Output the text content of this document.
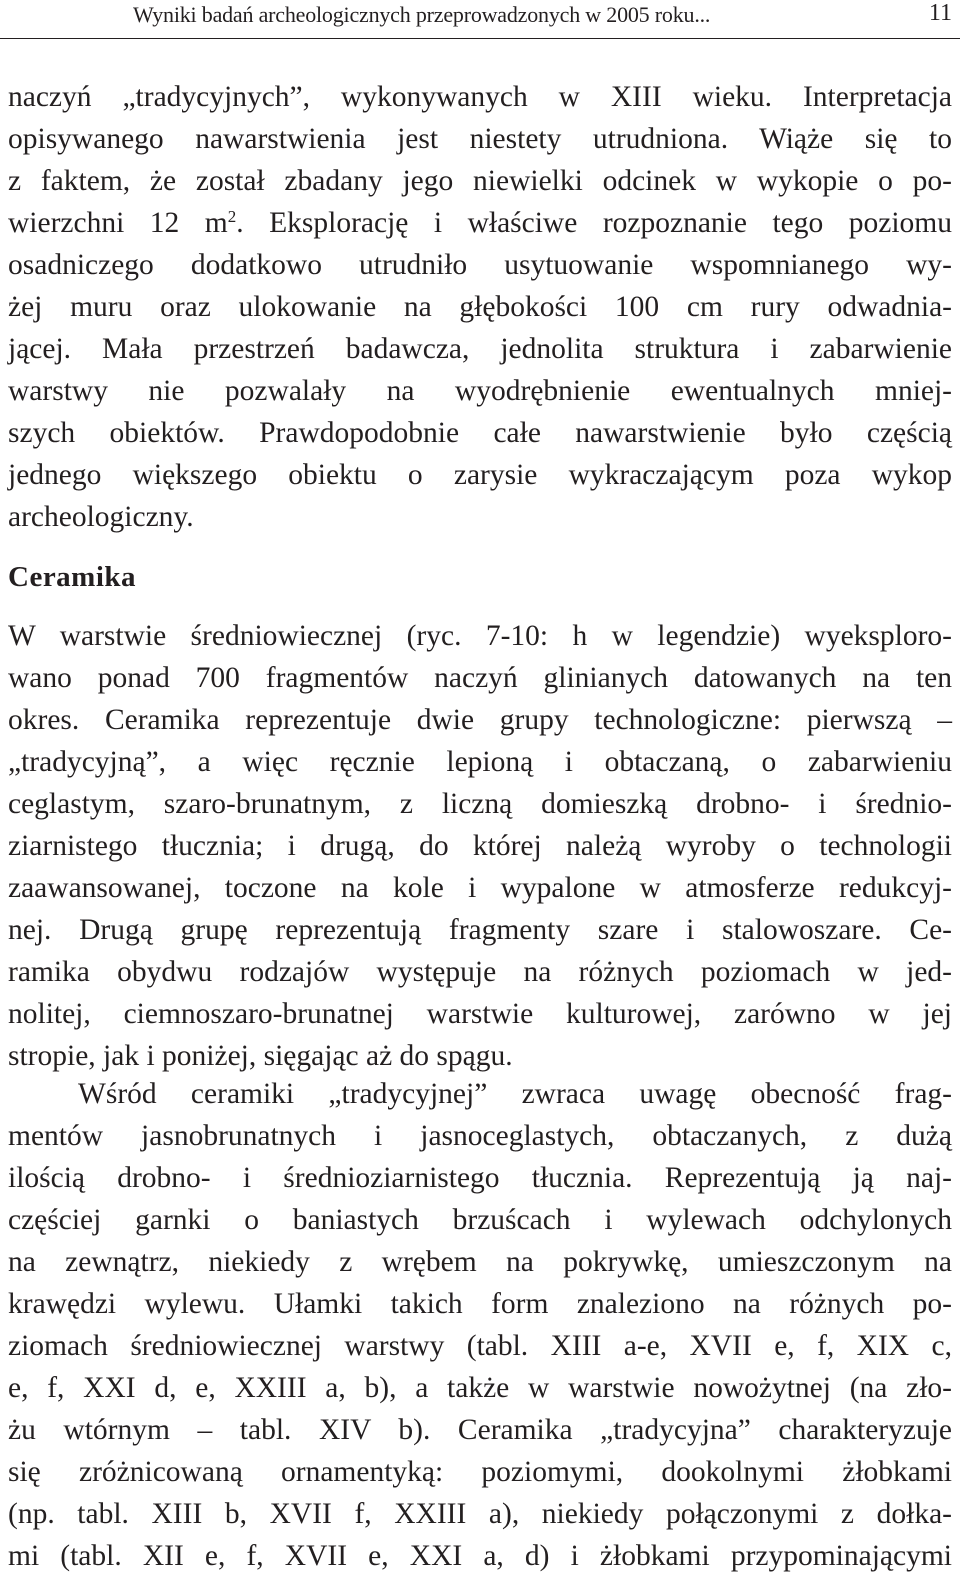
Wyniki badań archeologicznych przeprowadzonych w 2005 roku...	11
naczyń „tradycyjnych”, wykonywanych w XIII wieku. Interpretacja
opisywanego nawarstwienia jest niestety utrudniona. Wiąże się to
z faktem, że został zbadany jego niewielki odcinek w wykopie o po-
wierzchni 12 $m^2$. Eksplorację i właściwe rozpoznanie tego poziomu
osadniczego dodatkowo utrudniło usytuowanie wspomnianego wy-
żej muru oraz ulokowanie na głębokości 100 cm rury odwadnia-
jącej. Mała przestrzeń badawcza, jednolita struktura i zabarwienie
warstwy nie pozwalały na wyodrębnienie ewentualnych mniej-
szych obiektów. Prawdopodobnie całe nawarstwienie było częścią
jednego większego obiektu o zarysie wykraczającym poza wykop
archeologiczny.
Ceramika
W warstwie średniowiecznej (ryc. 7-10: h w legendzie) wyeksploro-
wano ponad 700 fragmentów naczyń glinianych datowanych na ten
okres. Ceramika reprezentuje dwie grupy technologiczne: pierwszą –
„tradycyjną”, a więc ręcznie lepioną i obtaczaną, o zabarwieniu
ceglastym, szaro-brunatnym, z liczną domieszką drobno- i średnio-
ziarnistego tłucznia; i drugą, do której należą wyroby o technologii
zaawansowanej, toczone na kole i wypalone w atmosferze redukcyj-
nej. Drugą grupę reprezentują fragmenty szare i stalowoszare. Ce-
ramika obydwu rodzajów występuje na różnych poziomach w jed-
nolitej, ciemnoszaro-brunatnej warstwie kulturowej, zarówno w jej
stropie, jak i poniżej, sięgając aż do spągu.
Wśród ceramiki „tradycyjnej” zwraca uwagę obecność frag-
mentów jasnobrunatnych i jasnoceglastych, obtaczanych, z dużą
ilością drobno- i średnioziarnistego tłucznia. Reprezentują ją naj-
częściej garnki o baniastych brzuścach i wylewach odchylonych
na zewnątrz, niekiedy z wrębem na pokrywkę, umieszczonym na
krawędzi wylewu. Ułamki takich form znaleziono na różnych po-
ziomach średniowiecznej warstwy (tabl. XIII a-e, XVII e, f, XIX c,
e, f, XXI d, e, XXIII a, b), a także w warstwie nowożytnej (na zło-
żu wtórnym – tabl. XIV b). Ceramika „tradycyjna” charakteryzuje
się zróżnicowaną ornamentyką: poziomymi, dookolnymi żłobkami
(np. tabl. XIII b, XVII f, XXIII a), niekiedy połączonymi z dołka-
mi (tabl. XII e, f, XVII e, XXI a, d) i żłobkami przypominającymi
